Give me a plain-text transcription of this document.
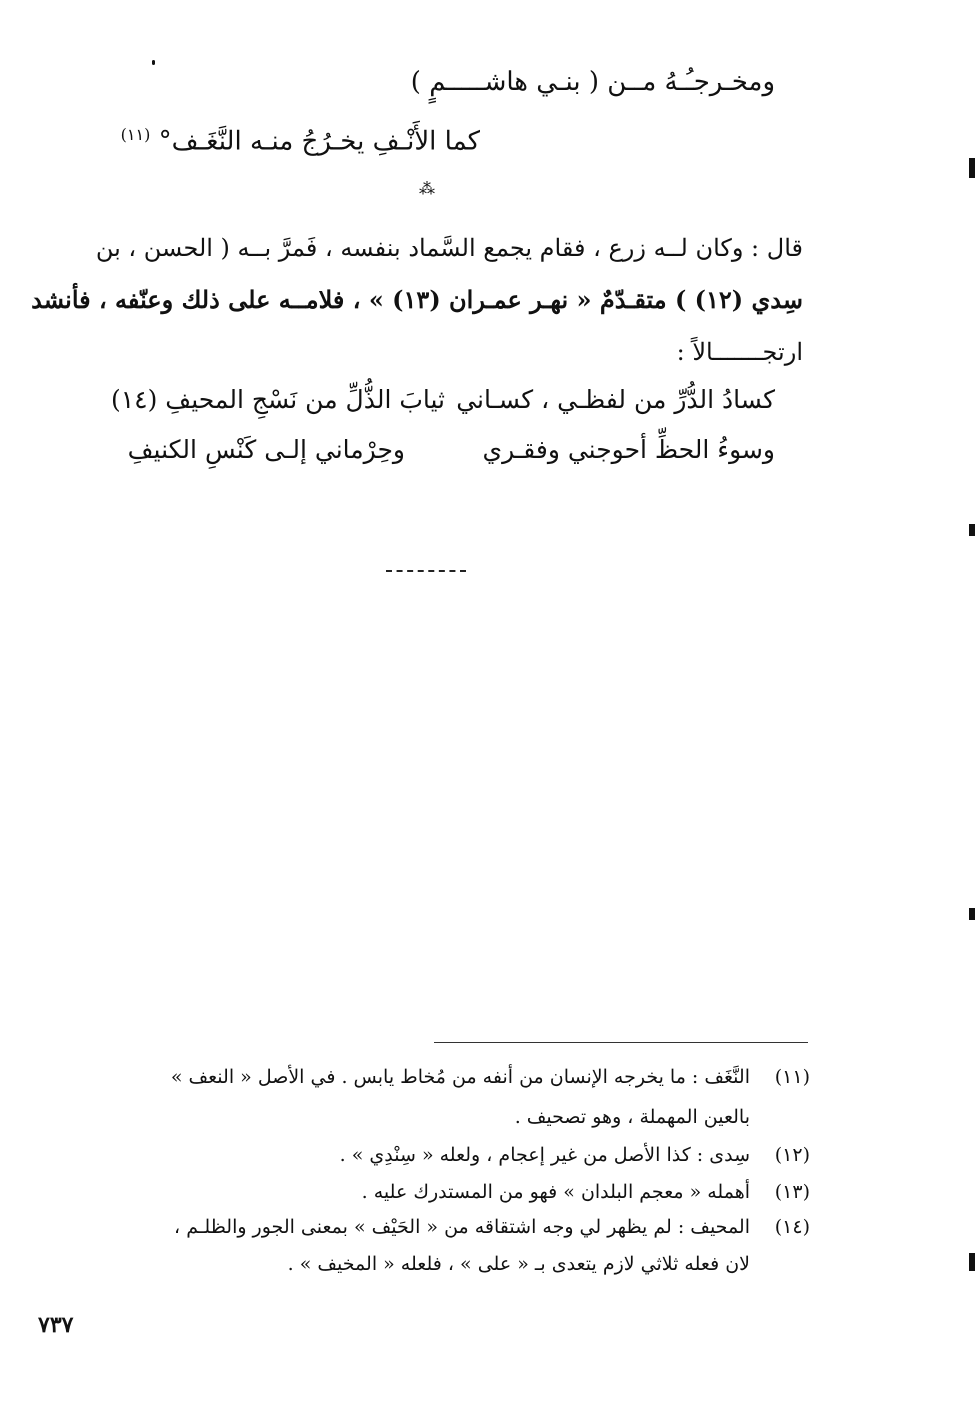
ومخـرجـُـهُ مــن ( بنـي هاشـــــمٍ )
كما الأَنْـفِ يخـرُجُ منـه النَّغَـف° $^{(١١)}$
⁂
قال : وكان لــه زرع ، فقام يجمع السَّماد بنفسه ، فَمرَّ بــه ( الحسن ، بن
سِدي (١٢) ) متقـدّمٌ « نهـر عمـران (١٣) » ، فلامــه على ذلك وعنّفه ، فأنشد
ارتجـــــــالاً :
كسادُ الدُّرِّ من لفظـي ، كسـاني
ثيابَ الذُّلِّ من نَسْجِ المحيفِ (١٤)
وسوءُ الحظِّ أحوجني وفقـري
وحِرْماني إلـى كَنْسِ الكنيفِ
(١١)
النَّغَف : ما يخرجه الإنسان من أنفه من مُخاط يابس . في الأصل « النعف »
بالعين المهملة ، وهو تصحيف .
(١٢)
سِدى : كذا الأصل من غير إعجام ، ولعله « سِنْدِي » .
(١٣)
أهمله « معجم البلدان » فهو من المستدرك عليه .
(١٤)
المحيف : لم يظهر لي وجه اشتقاقه من « الحَيْف » بمعنى الجور والظلـم ،
لان فعله ثلاثي لازم يتعدى بـ « على » ، فلعله « المخيف » .
٧٣٧
